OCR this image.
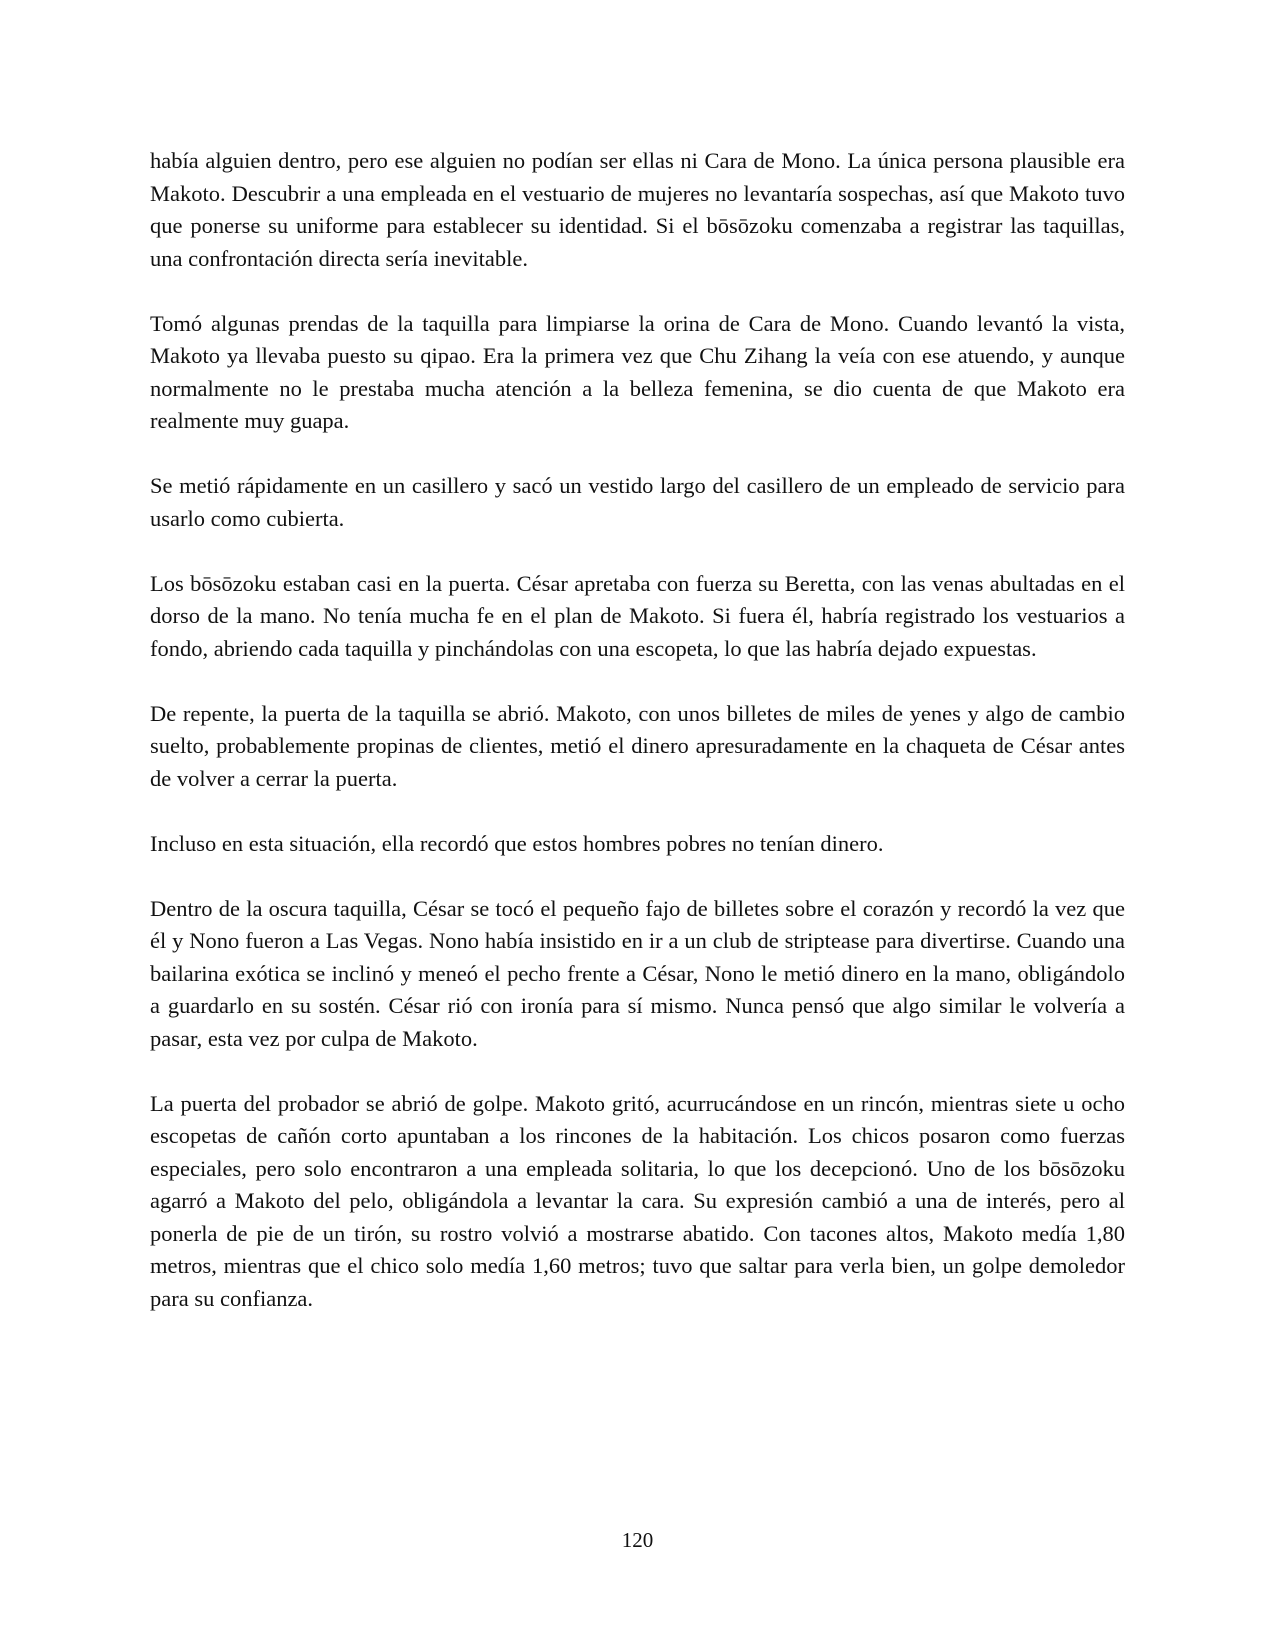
había alguien dentro, pero ese alguien no podían ser ellas ni Cara de Mono. La única persona plausible era Makoto. Descubrir a una empleada en el vestuario de mujeres no levantaría sospechas, así que Makoto tuvo que ponerse su uniforme para establecer su identidad. Si el bōsōzoku comenzaba a registrar las taquillas, una confrontación directa sería inevitable.

Tomó algunas prendas de la taquilla para limpiarse la orina de Cara de Mono. Cuando levantó la vista, Makoto ya llevaba puesto su qipao. Era la primera vez que Chu Zihang la veía con ese atuendo, y aunque normalmente no le prestaba mucha atención a la belleza femenina, se dio cuenta de que Makoto era realmente muy guapa.

Se metió rápidamente en un casillero y sacó un vestido largo del casillero de un empleado de servicio para usarlo como cubierta.

Los bōsōzoku estaban casi en la puerta. César apretaba con fuerza su Beretta, con las venas abultadas en el dorso de la mano. No tenía mucha fe en el plan de Makoto. Si fuera él, habría registrado los vestuarios a fondo, abriendo cada taquilla y pinchándolas con una escopeta, lo que las habría dejado expuestas.

De repente, la puerta de la taquilla se abrió. Makoto, con unos billetes de miles de yenes y algo de cambio suelto, probablemente propinas de clientes, metió el dinero apresuradamente en la chaqueta de César antes de volver a cerrar la puerta.

Incluso en esta situación, ella recordó que estos hombres pobres no tenían dinero.

Dentro de la oscura taquilla, César se tocó el pequeño fajo de billetes sobre el corazón y recordó la vez que él y Nono fueron a Las Vegas. Nono había insistido en ir a un club de striptease para divertirse. Cuando una bailarina exótica se inclinó y meneó el pecho frente a César, Nono le metió dinero en la mano, obligándolo a guardarlo en su sostén. César rió con ironía para sí mismo. Nunca pensó que algo similar le volvería a pasar, esta vez por culpa de Makoto.

La puerta del probador se abrió de golpe. Makoto gritó, acurrucándose en un rincón, mientras siete u ocho escopetas de cañón corto apuntaban a los rincones de la habitación. Los chicos posaron como fuerzas especiales, pero solo encontraron a una empleada solitaria, lo que los decepcionó. Uno de los bōsōzoku agarró a Makoto del pelo, obligándola a levantar la cara. Su expresión cambió a una de interés, pero al ponerla de pie de un tirón, su rostro volvió a mostrarse abatido. Con tacones altos, Makoto medía 1,80 metros, mientras que el chico solo medía 1,60 metros; tuvo que saltar para verla bien, un golpe demoledor para su confianza.

120
